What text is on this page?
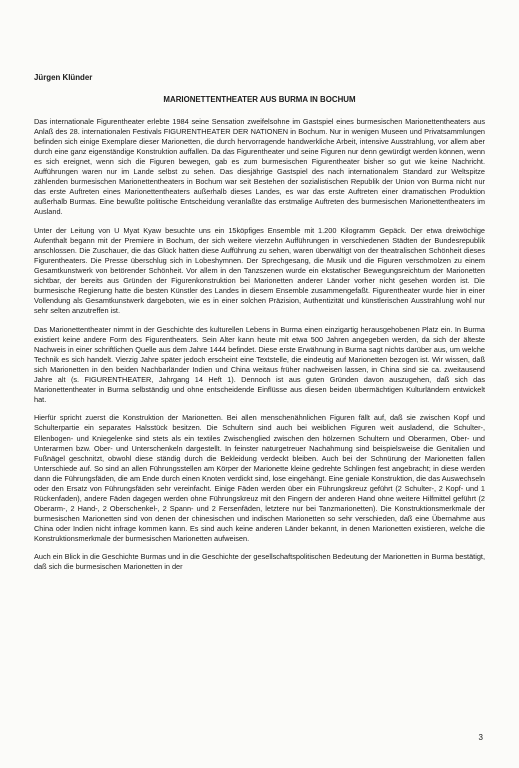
Jürgen Klünder

MARIONETTENTHEATER AUS BURMA IN BOCHUM

Das internationale Figurentheater erlebte 1984 seine Sensation zweifelsohne im Gastspiel eines burmesischen Marionettentheaters aus Anlaß des 28. internationalen Festivals FIGURENTHEATER DER NATIONEN in Bochum. Nur in wenigen Museen und Privatsammlungen befinden sich einige Exemplare dieser Marionetten, die durch hervorragende handwerkliche Arbeit, intensive Ausstrahlung, vor allem aber durch eine ganz eigenständige Konstruktion auffallen. Da das Figurentheater und seine Figuren nur denn gewürdigt werden können, wenn es sich ereignet, wenn sich die Figuren bewegen, gab es zum burmesischen Figurentheater bisher so gut wie keine Nachricht. Aufführungen waren nur im Lande selbst zu sehen. Das diesjährige Gastspiel des nach internationalem Standard zur Weltspitze zählenden burmesischen Marionettentheaters in Bochum war seit Bestehen der sozialistischen Republik der Union von Burma nicht nur das erste Auftreten eines Marionettentheaters außerhalb dieses Landes, es war das erste Auftreten einer dramatischen Produktion außerhalb Burmas. Eine bewußte politische Entscheidung veranlaßte das erstmalige Auftreten des burmesischen Marionettentheaters im Ausland.

Unter der Leitung von U Myat Kyaw besuchte uns ein 15köpfiges Ensemble mit 1.200 Kilogramm Gepäck. Der etwa dreiwöchige Aufenthalt begann mit der Premiere in Bochum, der sich weitere vierzehn Aufführungen in verschiedenen Städten der Bundesrepublik anschlossen. Die Zuschauer, die das Glück hatten diese Aufführung zu sehen, waren überwältigt von der theatralischen Schönheit dieses Figurentheaters. Die Presse überschlug sich in Lobeshymnen. Der Sprechgesang, die Musik und die Figuren verschmolzen zu einem Gesamtkunstwerk von betörender Schönheit. Vor allem in den Tanzszenen wurde ein ekstatischer Bewegungsreichtum der Marionetten sichtbar, der bereits aus Gründen der Figurenkonstruktion bei Marionetten anderer Länder vorher nicht gesehen worden ist. Die burmesische Regierung hatte die besten Künstler des Landes in diesem Ensemble zusammengefaßt. Figurentheater wurde hier in einer Vollendung als Gesamtkunstwerk dargeboten, wie es in einer solchen Präzision, Authentizität und künstlerischen Ausstrahlung wohl nur sehr selten anzutreffen ist.

Das Marionettentheater nimmt in der Geschichte des kulturellen Lebens in Burma einen einzigartig herausgehobenen Platz ein. In Burma existiert keine andere Form des Figurentheaters. Sein Alter kann heute mit etwa 500 Jahren angegeben werden, da sich der älteste Nachweis in einer schriftlichen Quelle aus dem Jahre 1444 befindet. Diese erste Erwähnung in Burma sagt nichts darüber aus, um welche Technik es sich handelt. Vierzig Jahre später jedoch erscheint eine Textstelle, die eindeutig auf Marionetten bezogen ist. Wir wissen, daß sich Marionetten in den beiden Nachbarländer Indien und China weitaus früher nachweisen lassen, in China sind sie ca. zweitausend Jahre alt (s. FIGURENTHEATER, Jahrgang 14 Heft 1). Dennoch ist aus guten Gründen davon auszugehen, daß sich das Marionettentheater in Burma selbständig und ohne entscheidende Einflüsse aus diesen beiden übermächtigen Kulturländern entwickelt hat.

Hierfür spricht zuerst die Konstruktion der Marionetten. Bei allen menschenähnlichen Figuren fällt auf, daß sie zwischen Kopf und Schulterpartie ein separates Halsstück besitzen. Die Schultern sind auch bei weiblichen Figuren weit ausladend, die Schulter-, Ellenbogen- und Kniegelenke sind stets als ein textiles Zwischenglied zwischen den hölzernen Schultern und Oberarmen, Ober- und Unterarmen bzw. Ober- und Unterschenkeln dargestellt. In feinster naturgetreuer Nachahmung sind beispielsweise die Genitalien und Fußnägel geschnitzt, obwohl diese ständig durch die Bekleidung verdeckt bleiben. Auch bei der Schnürung der Marionetten fallen Unterschiede auf. So sind an allen Führungsstellen am Körper der Marionette kleine gedrehte Schlingen fest angebracht; in diese werden dann die Führungsfäden, die am Ende durch einen Knoten verdickt sind, lose eingehängt. Eine geniale Konstruktion, die das Auswechseln oder den Ersatz von Führungsfäden sehr vereinfacht. Einige Fäden werden über ein Führungskreuz geführt (2 Schulter-, 2 Kopf- und 1 Rückenfaden), andere Fäden dagegen werden ohne Führungskreuz mit den Fingern der anderen Hand ohne weitere Hilfmittel geführt (2 Oberarm-, 2 Hand-, 2 Oberschenkel-, 2 Spann- und 2 Fersenfäden, letztere nur bei Tanzmarionetten). Die Konstruktionsmerkmale der burmesischen Marionetten sind von denen der chinesischen und indischen Marionetten so sehr verschieden, daß eine Übernahme aus China oder Indien nicht infrage kommen kann. Es sind auch keine anderen Länder bekannt, in denen Marionetten existieren, welche die Konstruktionsmerkmale der burmesischen Marionetten aufweisen.

Auch ein Blick in die Geschichte Burmas und in die Geschichte der gesellschaftspolitischen Bedeutung der Marionetten in Burma bestätigt, daß sich die burmesischen Marionetten in der

3
